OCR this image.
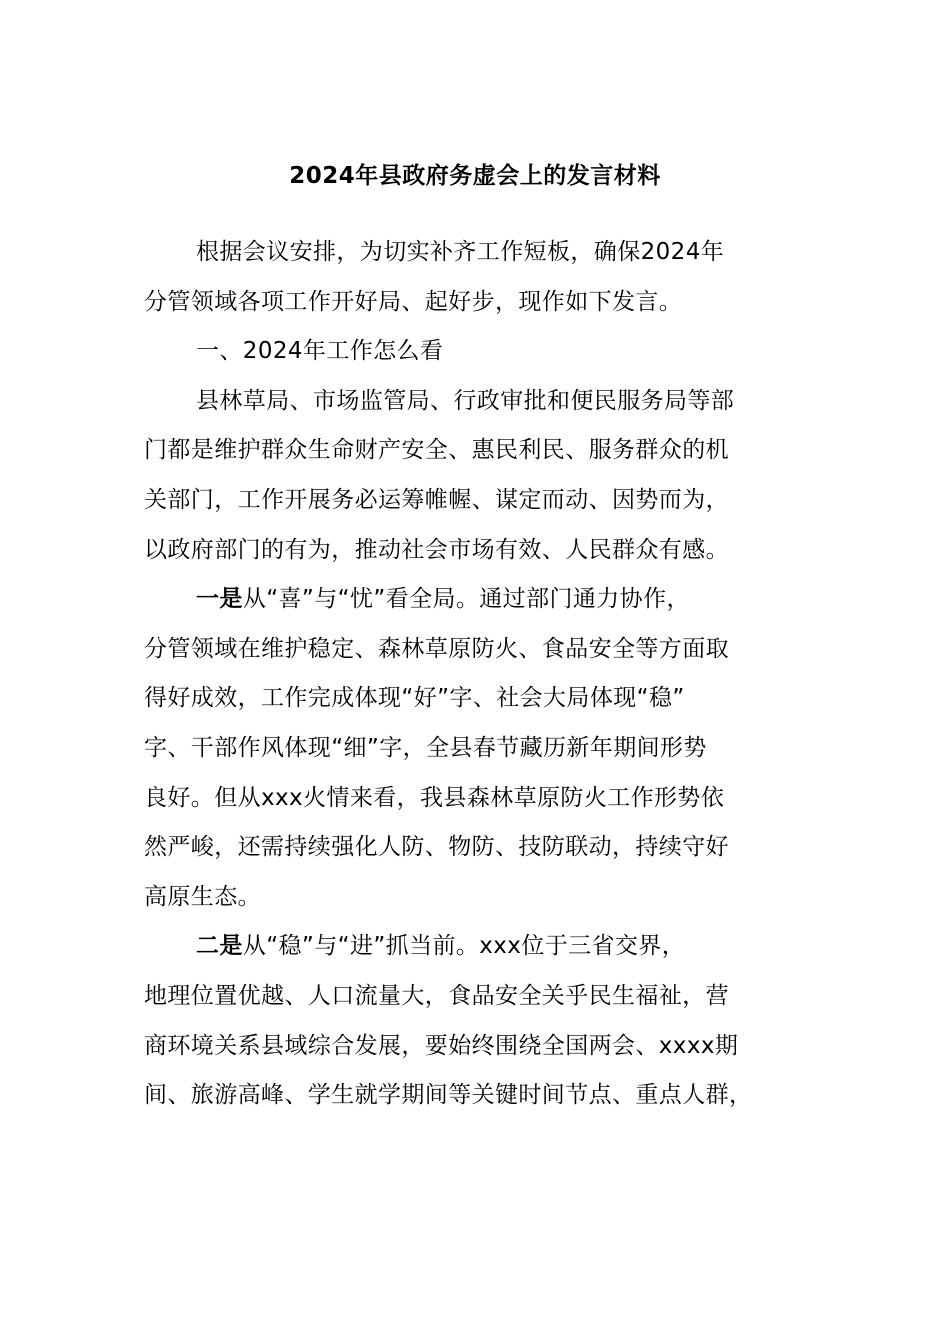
2024年县政府务虚会上的发言材料
根据会议安排，为切实补齐工作短板，确保2024年
分管领域各项工作开好局、起好步，现作如下发言。
一、2024年工作怎么看
县林草局、市场监管局、行政审批和便民服务局等部
门都是维护群众生命财产安全、惠民利民、服务群众的机
关部门，工作开展务必运筹帷幄、谋定而动、因势而为，
以政府部门的有为，推动社会市场有效、人民群众有感。
一是从“喜”与“忧”看全局。通过部门通力协作，
分管领域在维护稳定、森林草原防火、食品安全等方面取
得好成效，工作完成体现“好”字、社会大局体现“稳”
字、干部作风体现“细”字，全县春节藏历新年期间形势
良好。但从xxx火情来看，我县森林草原防火工作形势依
然严峻，还需持续强化人防、物防、技防联动，持续守好
高原生态。
二是从“稳”与“进”抓当前。xxx位于三省交界，
地理位置优越、人口流量大，食品安全关乎民生福祉，营
商环境关系县域综合发展，要始终围绕全国两会、xxxx期
间、旅游高峰、学生就学期间等关键时间节点、重点人群，
